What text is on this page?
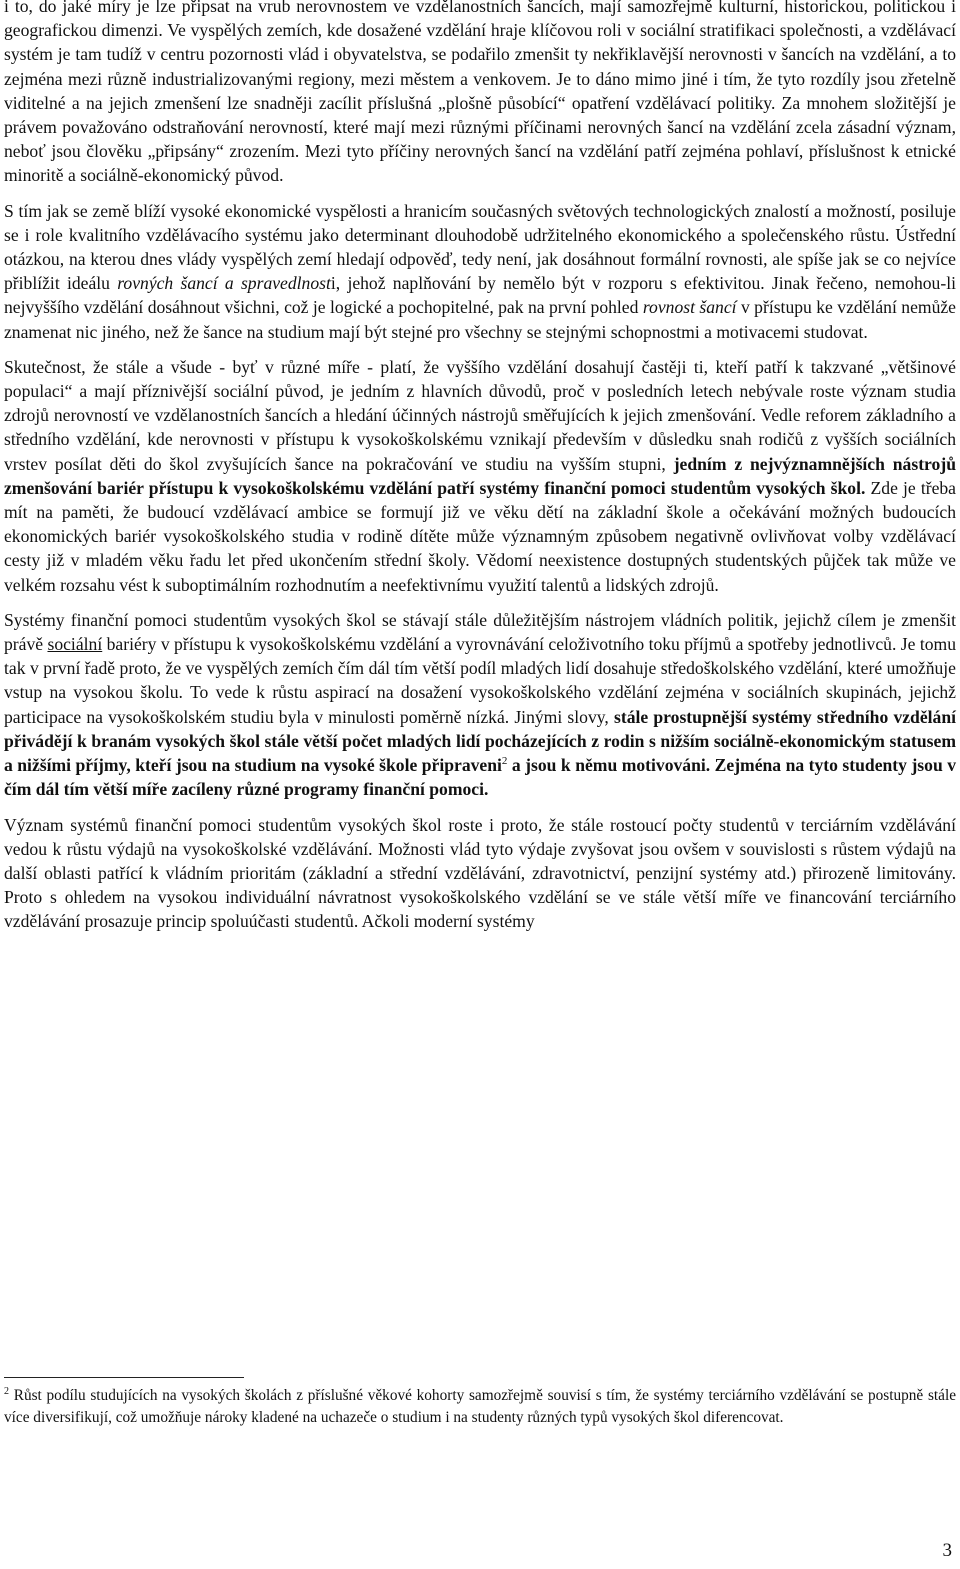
i to, do jaké míry je lze připsat na vrub nerovnostem ve vzdělanostních šancích, mají samozřejmě kulturní, historickou, politickou i geografickou dimenzi. Ve vyspělých zemích, kde dosažené vzdělání hraje klíčovou roli v sociální stratifikaci společnosti, a vzdělávací systém je tam tudíž v centru pozornosti vlád i obyvatelstva, se podařilo zmenšit ty nekřiklavější nerovnosti v šancích na vzdělání, a to zejména mezi různě industrializovanými regiony, mezi městem a venkovem. Je to dáno mimo jiné i tím, že tyto rozdíly jsou zřetelně viditelné a na jejich zmenšení lze snadněji zacílit příslušná „plošně působící“ opatření vzdělávací politiky. Za mnohem složitější je právem považováno odstraňování nerovností, které mají mezi různými příčinami nerovných šancí na vzdělání zcela zásadní význam, neboť jsou člověku „připsány“ zrozením. Mezi tyto příčiny nerovných šancí na vzdělání patří zejména pohlaví, příslušnost k etnické minoritě a sociálně-ekonomický původ.

S tím jak se země blíží vysoké ekonomické vyspělosti a hranicím současných světových technologických znalostí a možností, posiluje se i role kvalitního vzdělávacího systému jako determinant dlouhodobě udržitelného ekonomického a společenského růstu. Ústřední otázkou, na kterou dnes vlády vyspělých zemí hledají odpověď, tedy není, jak dosáhnout formální rovnosti, ale spíše jak se co nejvíce přiblížit ideálu rovných šancí a spravedlnosti, jehož naplňování by nemělo být v rozporu s efektivitou. Jinak řečeno, nemohou-li nejvyššího vzdělání dosáhnout všichni, což je logické a pochopitelné, pak na první pohled rovnost šancí v přístupu ke vzdělání nemůže znamenat nic jiného, než že šance na studium mají být stejné pro všechny se stejnými schopnostmi a motivacemi studovat.

Skutečnost, že stále a všude - byť v různé míře - platí, že vyššího vzdělání dosahují častěji ti, kteří patří k takzvané „většinové populaci“ a mají příznivější sociální původ, je jedním z hlavních důvodů, proč v posledních letech nebývale roste význam studia zdrojů nerovností ve vzdělanostních šancích a hledání účinných nástrojů směřujících k jejich zmenšování. Vedle reforem základního a středního vzdělání, kde nerovnosti v přístupu k vysokoškolskému vznikají především v důsledku snah rodičů z vyšších sociálních vrstev posílat děti do škol zvyšujících šance na pokračování ve studiu na vyšším stupni, jedním z nejvýznamnějších nástrojů zmenšování bariér přístupu k vysokoškolskému vzdělání patří systémy finanční pomoci studentům vysokých škol. Zde je třeba mít na paměti, že budoucí vzdělávací ambice se formují již ve věku dětí na základní škole a očekávání možných budoucích ekonomických bariér vysokoškolského studia v rodině dítěte může významným způsobem negativně ovlivňovat volby vzdělávací cesty již v mladém věku řadu let před ukončením střední školy. Vědomí neexistence dostupných studentských půjček tak může ve velkém rozsahu vést k suboptimálním rozhodnutím a neefektivnímu využití talentů a lidských zdrojů.

Systémy finanční pomoci studentům vysokých škol se stávají stále důležitějším nástrojem vládních politik, jejichž cílem je zmenšit právě sociální bariéry v přístupu k vysokoškolskému vzdělání a vyrovnávání celoživotního toku příjmů a spotřeby jednotlivců. Je tomu tak v první řadě proto, že ve vyspělých zemích čím dál tím větší podíl mladých lidí dosahuje středoškolského vzdělání, které umožňuje vstup na vysokou školu. To vede k růstu aspirací na dosažení vysokoškolského vzdělání zejména v sociálních skupinách, jejichž participace na vysokoškolském studiu byla v minulosti poměrně nízká. Jinými slovy, stále prostupnější systémy středního vzdělání přivádějí k branám vysokých škol stále větší počet mladých lidí pocházejících z rodin s nižším sociálně-ekonomickým statusem a nižšími příjmy, kteří jsou na studium na vysoké škole připraveni$^2$ a jsou k němu motivováni. Zejména na tyto studenty jsou v čím dál tím větší míře zacíleny různé programy finanční pomoci.

Význam systémů finanční pomoci studentům vysokých škol roste i proto, že stále rostoucí počty studentů v terciárním vzdělávání vedou k růstu výdajů na vysokoškolské vzdělávání. Možnosti vlád tyto výdaje zvyšovat jsou ovšem v souvislosti s růstem výdajů na další oblasti patřící k vládním prioritám (základní a střední vzdělávání, zdravotnictví, penzijní systémy atd.) přirozeně limitovány. Proto s ohledem na vysokou individuální návratnost vysokoškolského vzdělání se ve stále větší míře ve financování terciárního vzdělávání prosazuje princip spoluúčasti studentů. Ačkoli moderní systémy

$^2$ Růst podílu studujících na vysokých školách z příslušné věkové kohorty samozřejmě souvisí s tím, že systémy terciárního vzdělávání se postupně stále více diversifikují, což umožňuje nároky kladené na uchazeče o studium i na studenty různých typů vysokých škol diferencovat.
3
